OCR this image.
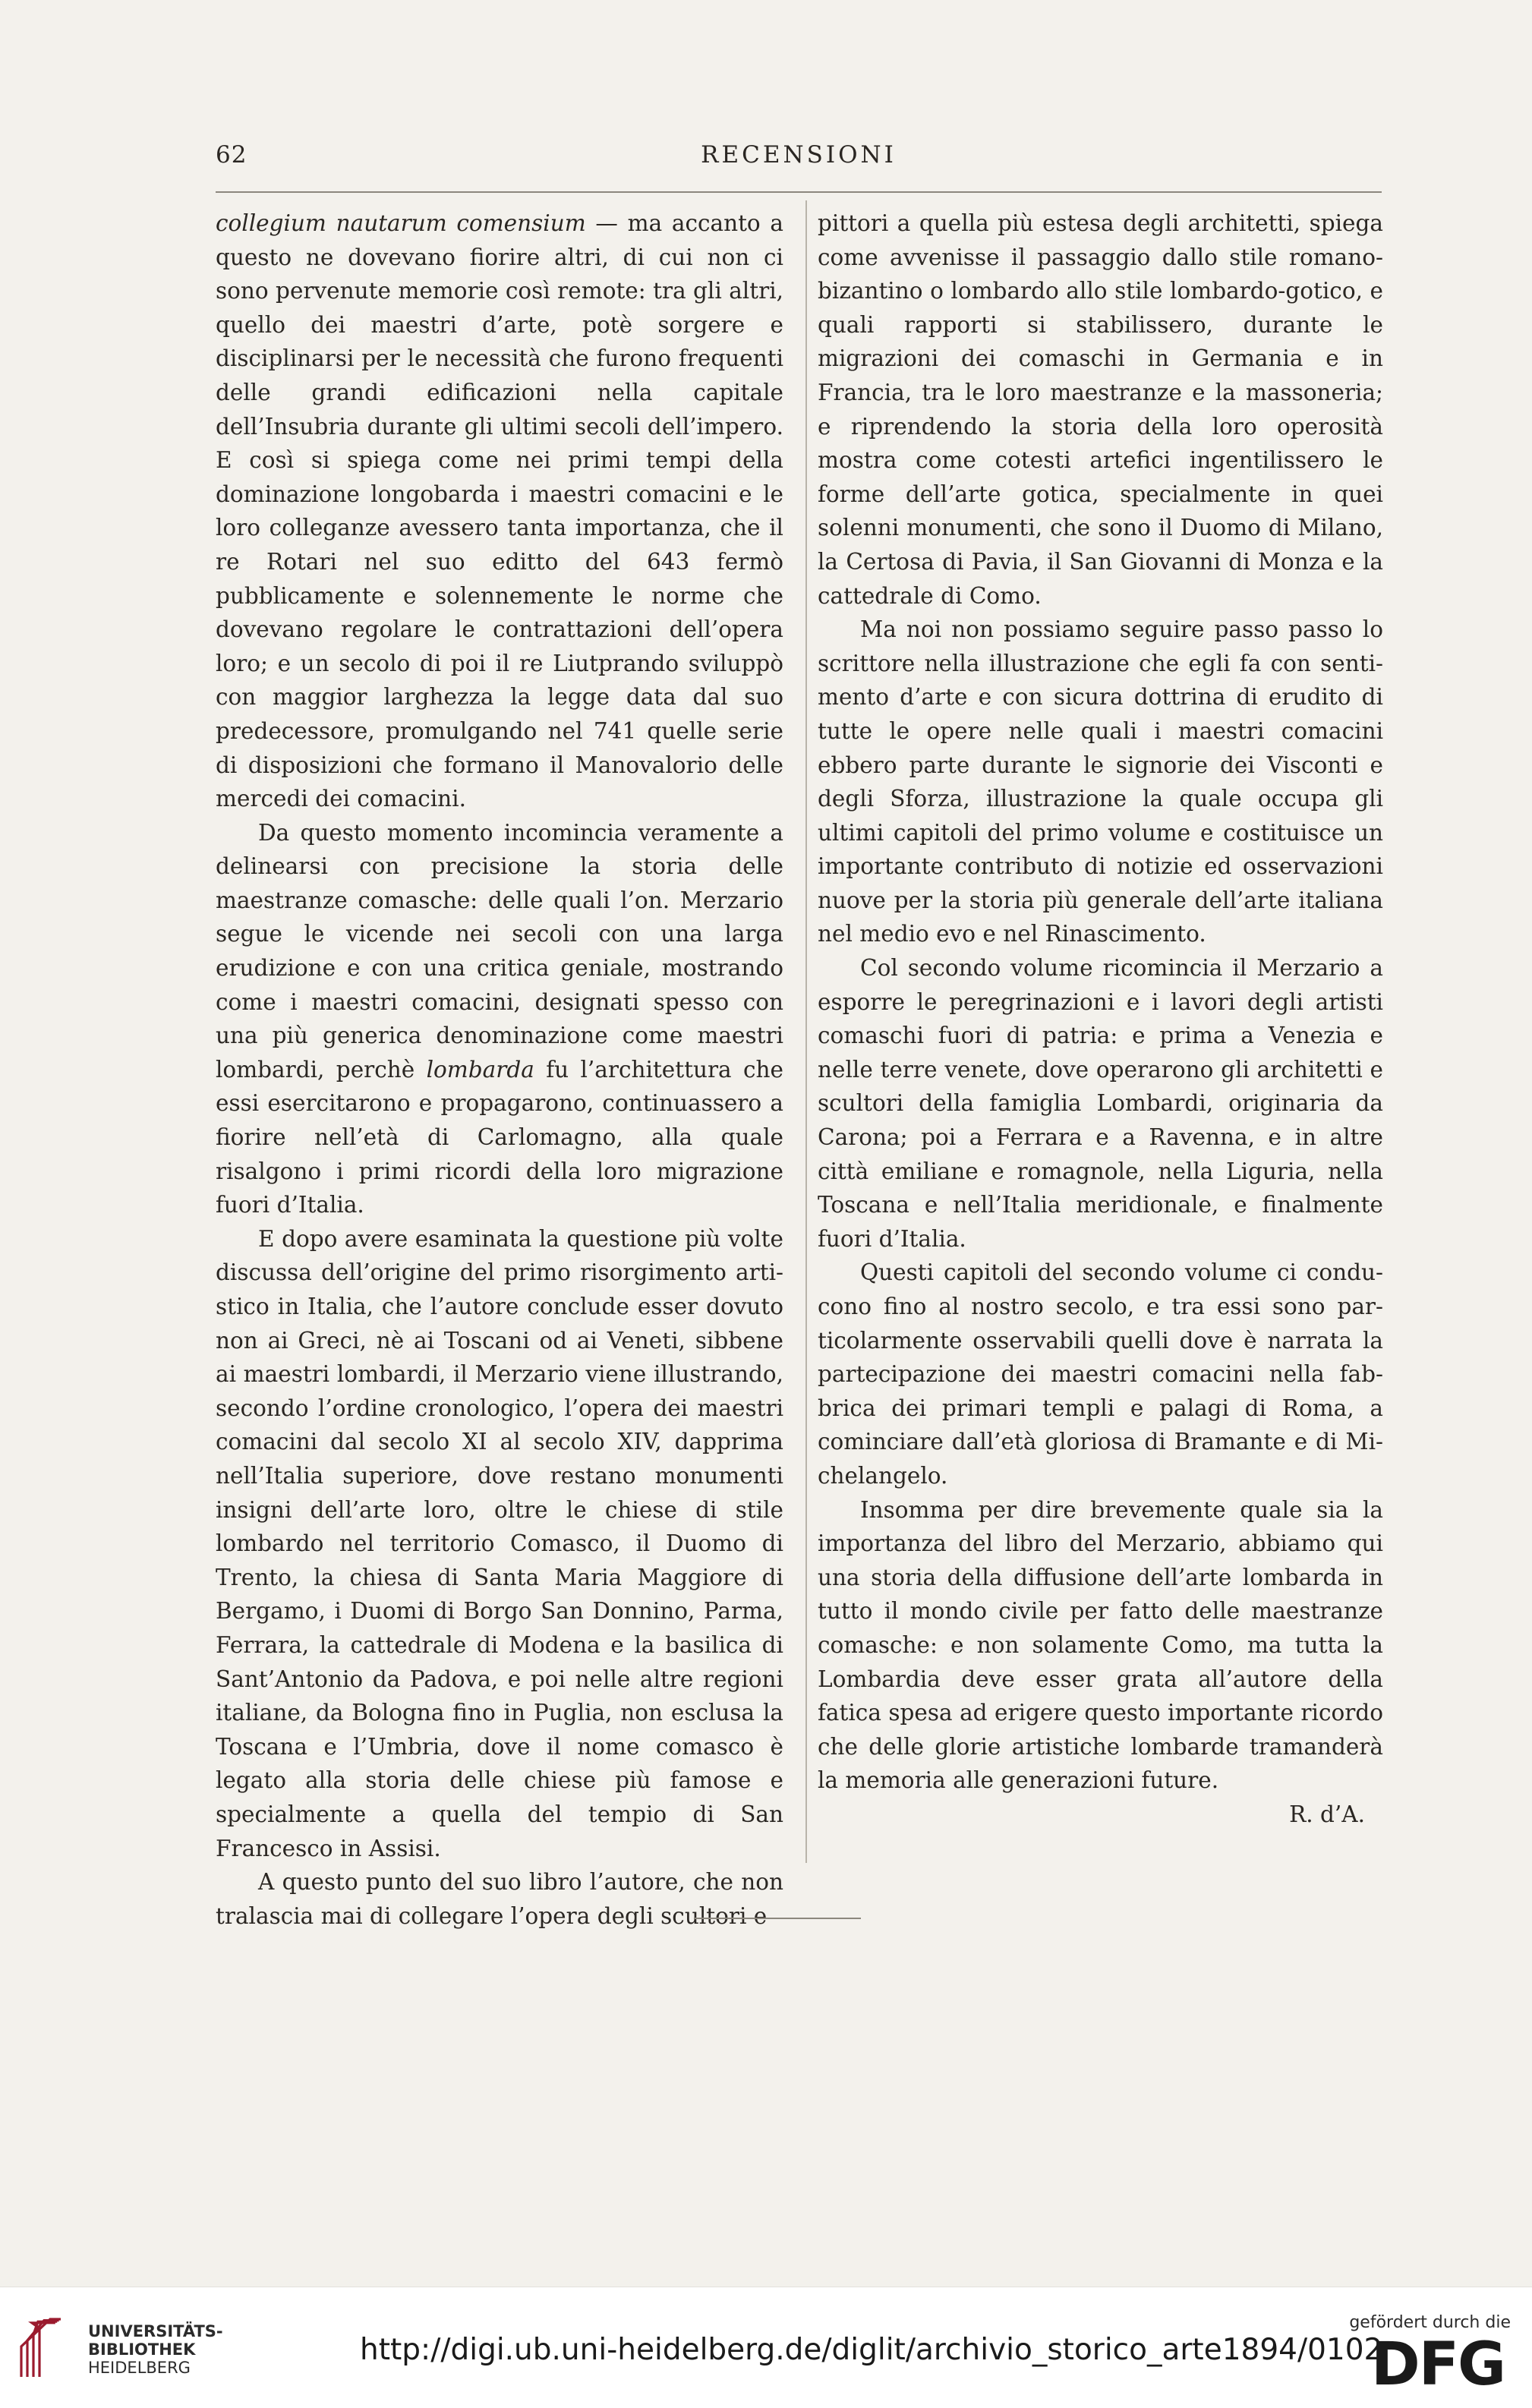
62	RECENSIONI

collegium nautarum comensium — ma accanto a questo ne dovevano fiorire altri, di cui non ci sono pervenute memorie così remote: tra gli altri, quello dei maestri d’arte, potè sorgere e disciplinarsi per le necessità che furono frequenti delle grandi edificazioni nella capitale dell’Insubria durante gli ultimi secoli dell’impero. E così si spiega come nei primi tempi della dominazione longobarda i maestri comacini e le loro colleganze avessero tanta importanza, che il re Rotari nel suo editto del 643 fermò pubblicamente e solennemente le norme che dovevano regolare le contrattazioni dell’opera loro; e un secolo di poi il re Liutprando sviluppò con maggior larghezza la legge data dal suo predecessore, promulgando nel 741 quelle serie di disposizioni che formano il Manovalorio delle mercedi dei comacini.

Da questo momento incomincia veramente a delinearsi con precisione la storia delle maestranze comasche: delle quali l’on. Merzario segue le vicende nei secoli con una larga erudizione e con una critica geniale, mostrando come i maestri comacini, designati spesso con una più generica denominazione come maestri lombardi, perchè lombarda fu l’architettura che essi esercitarono e propagarono, continuassero a fiorire nell’età di Carlomagno, alla quale risalgono i primi ricordi della loro migrazione fuori d’Italia.

E dopo avere esaminata la questione più volte discussa dell’origine del primo risorgimento artistico in Italia, che l’autore conclude esser dovuto non ai Greci, nè ai Toscani od ai Veneti, sibbene ai maestri lombardi, il Merzario viene illustrando, secondo l’ordine cronologico, l’opera dei maestri comacini dal secolo XI al secolo XIV, dapprima nell’Italia superiore, dove restano monumenti insigni dell’arte loro, oltre le chiese di stile lombardo nel territorio Comasco, il Duomo di Trento, la chiesa di Santa Maria Maggiore di Bergamo, i Duomi di Borgo San Donnino, Parma, Ferrara, la cattedrale di Modena e la basilica di Sant’Antonio da Padova, e poi nelle altre regioni italiane, da Bologna fino in Puglia, non esclusa la Toscana e l’Umbria, dove il nome comasco è legato alla storia delle chiese più famose e specialmente a quella del tempio di San Francesco in Assisi.

A questo punto del suo libro l’autore, che non tralascia mai di collegare l’opera degli scultori e

pittori a quella più estesa degli architetti, spiega come avvenisse il passaggio dallo stile romanobizantino o lombardo allo stile lombardo-gotico, e quali rapporti si stabilissero, durante le migrazioni dei comaschi in Germania e in Francia, tra le loro maestranze e la massoneria; e riprendendo la storia della loro operosità mostra come cotesti artefici ingentilissero le forme dell’arte gotica, specialmente in quei solenni monumenti, che sono il Duomo di Milano, la Certosa di Pavia, il San Giovanni di Monza e la cattedrale di Como.

Ma noi non possiamo seguire passo passo lo scrittore nella illustrazione che egli fa con sentimento d’arte e con sicura dottrina di erudito di tutte le opere nelle quali i maestri comacini ebbero parte durante le signorie dei Visconti e degli Sforza, illustrazione la quale occupa gli ultimi capitoli del primo volume e costituisce un importante contributo di notizie ed osservazioni nuove per la storia più generale dell’arte italiana nel medio evo e nel Rinascimento.

Col secondo volume ricomincia il Merzario a esporre le peregrinazioni e i lavori degli artisti comaschi fuori di patria: e prima a Venezia e nelle terre venete, dove operarono gli architetti e scultori della famiglia Lombardi, originaria da Carona; poi a Ferrara e a Ravenna, e in altre città emiliane e romagnole, nella Liguria, nella Toscana e nell’Italia meridionale, e finalmente fuori d’Italia.

Questi capitoli del secondo volume ci conducono fino al nostro secolo, e tra essi sono particolarmente osservabili quelli dove è narrata la partecipazione dei maestri comacini nella fabbrica dei primari templi e palagi di Roma, a cominciare dall’età gloriosa di Bramante e di Michelangelo.

Insomma per dire brevemente quale sia la importanza del libro del Merzario, abbiamo qui una storia della diffusione dell’arte lombarda in tutto il mondo civile per fatto delle maestranze comasche: e non solamente Como, ma tutta la Lombardia deve esser grata all’autore della fatica spesa ad erigere questo importante ricordo che delle glorie artistiche lombarde tramanderà la memoria alle generazioni future.

R. d’A.

UNIVERSITÄTS-
BIBLIOTHEK
HEIDELBERG
http://digi.ub.uni-heidelberg.de/diglit/archivio_storico_arte1894/0102
gefördert durch die
DFG
